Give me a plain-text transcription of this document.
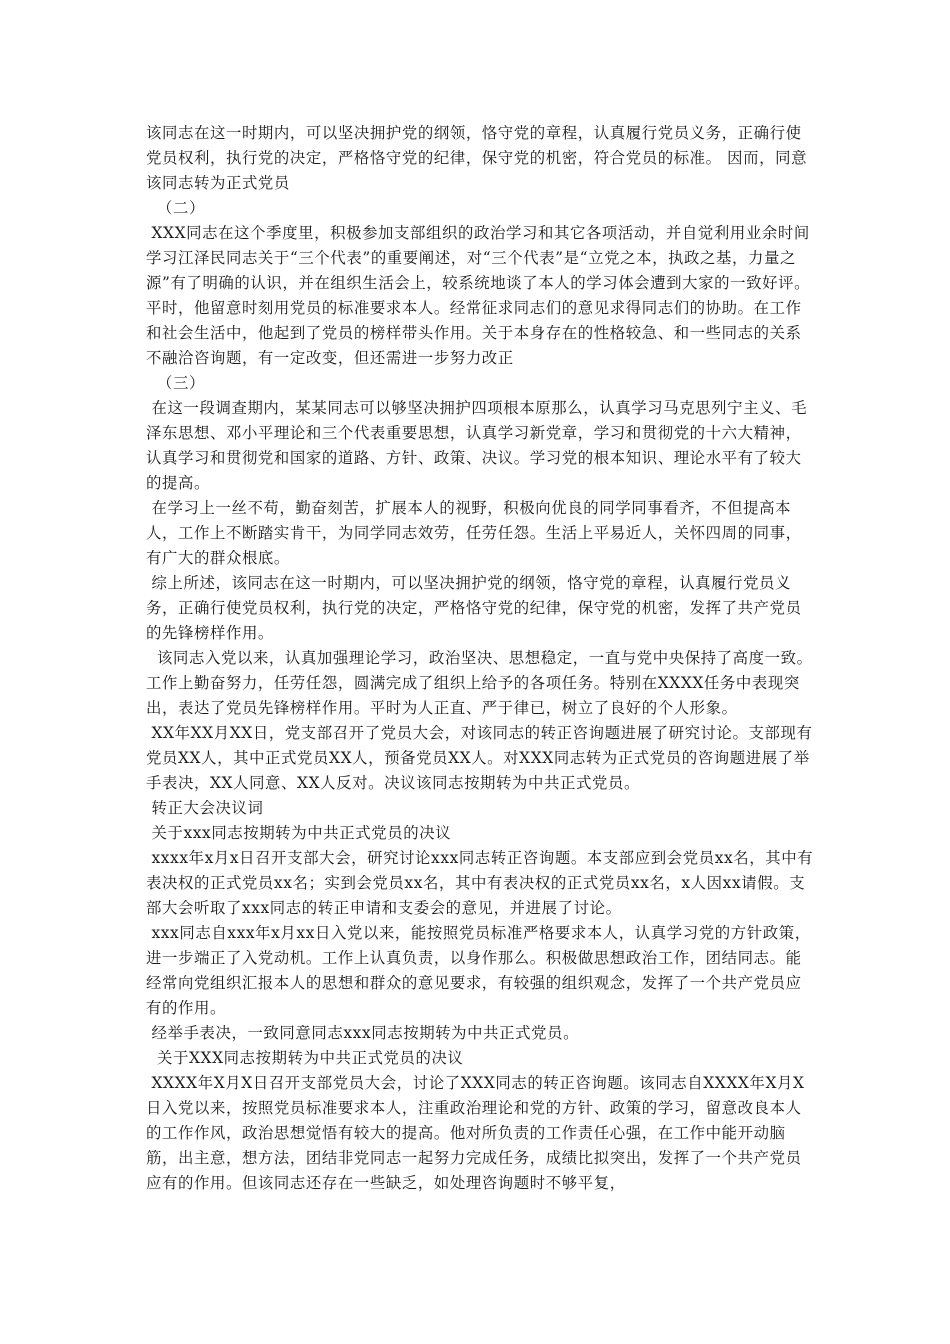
该同志在这一时期内，可以坚决拥护党的纲领，恪守党的章程，认真履行党员义务，正确行使党员权利，执行党的决定，严格恪守党的纪律，保守党的机密，符合党员的标准。 因而，同意该同志转为正式党员

（二）

XXX同志在这个季度里，积极参加支部组织的政治学习和其它各项活动，并自觉利用业余时间学习江泽民同志关于“三个代表”的重要阐述，对“三个代表”是“立党之本，执政之基，力量之源”有了明确的认识，并在组织生活会上，较系统地谈了本人的学习体会遭到大家的一致好评。平时，他留意时刻用党员的标准要求本人。经常征求同志们的意见求得同志们的协助。在工作和社会生活中，他起到了党员的榜样带头作用。关于本身存在的性格较急、和一些同志的关系不融洽咨询题，有一定改变，但还需进一步努力改正

（三）

在这一段调查期内，某某同志可以够坚决拥护四项根本原那么，认真学习马克思列宁主义、毛泽东思想、邓小平理论和三个代表重要思想，认真学习新党章，学习和贯彻党的十六大精神，认真学习和贯彻党和国家的道路、方针、政策、决议。学习党的根本知识、理论水平有了较大的提高。

在学习上一丝不苟，勤奋刻苦，扩展本人的视野，积极向优良的同学同事看齐，不但提高本人，工作上不断踏实肯干，为同学同志效劳，任劳任怨。生活上平易近人，关怀四周的同事，有广大的群众根底。

综上所述，该同志在这一时期内，可以坚决拥护党的纲领，恪守党的章程，认真履行党员义务，正确行使党员权利，执行党的决定，严格恪守党的纪律，保守党的机密，发挥了共产党员的先锋榜样作用。

该同志入党以来，认真加强理论学习，政治坚决、思想稳定，一直与党中央保持了高度一致。工作上勤奋努力，任劳任怨，圆满完成了组织上给予的各项任务。特别在XXXX任务中表现突出，表达了党员先锋榜样作用。平时为人正直、严于律已，树立了良好的个人形象。

XX年XX月XX日，党支部召开了党员大会，对该同志的转正咨询题进展了研究讨论。支部现有党员XX人，其中正式党员XX人，预备党员XX人。对XXX同志转为正式党员的咨询题进展了举手表决，XX人同意、XX人反对。决议该同志按期转为中共正式党员。

转正大会决议词

关于xxx同志按期转为中共正式党员的决议

xxxx年x月x日召开支部大会，研究讨论xxx同志转正咨询题。本支部应到会党员xx名，其中有表决权的正式党员xx名；实到会党员xx名，其中有表决权的正式党员xx名，x人因xx请假。支部大会听取了xxx同志的转正申请和支委会的意见，并进展了讨论。

xxx同志自xxx年x月xx日入党以来，能按照党员标准严格要求本人，认真学习党的方针政策，进一步端正了入党动机。工作上认真负责，以身作那么。积极做思想政治工作，团结同志。能经常向党组织汇报本人的思想和群众的意见要求，有较强的组织观念，发挥了一个共产党员应有的作用。

经举手表决，一致同意同志xxx同志按期转为中共正式党员。

关于XXX同志按期转为中共正式党员的决议

XXXX年X月X日召开支部党员大会，讨论了XXX同志的转正咨询题。该同志自XXXX年X月X日入党以来，按照党员标准要求本人，注重政治理论和党的方针、政策的学习，留意改良本人的工作作风，政治思想觉悟有较大的提高。他对所负责的工作责任心强，在工作中能开动脑筋，出主意，想方法，团结非党同志一起努力完成任务，成绩比拟突出，发挥了一个共产党员应有的作用。但该同志还存在一些缺乏，如处理咨询题时不够平复，
